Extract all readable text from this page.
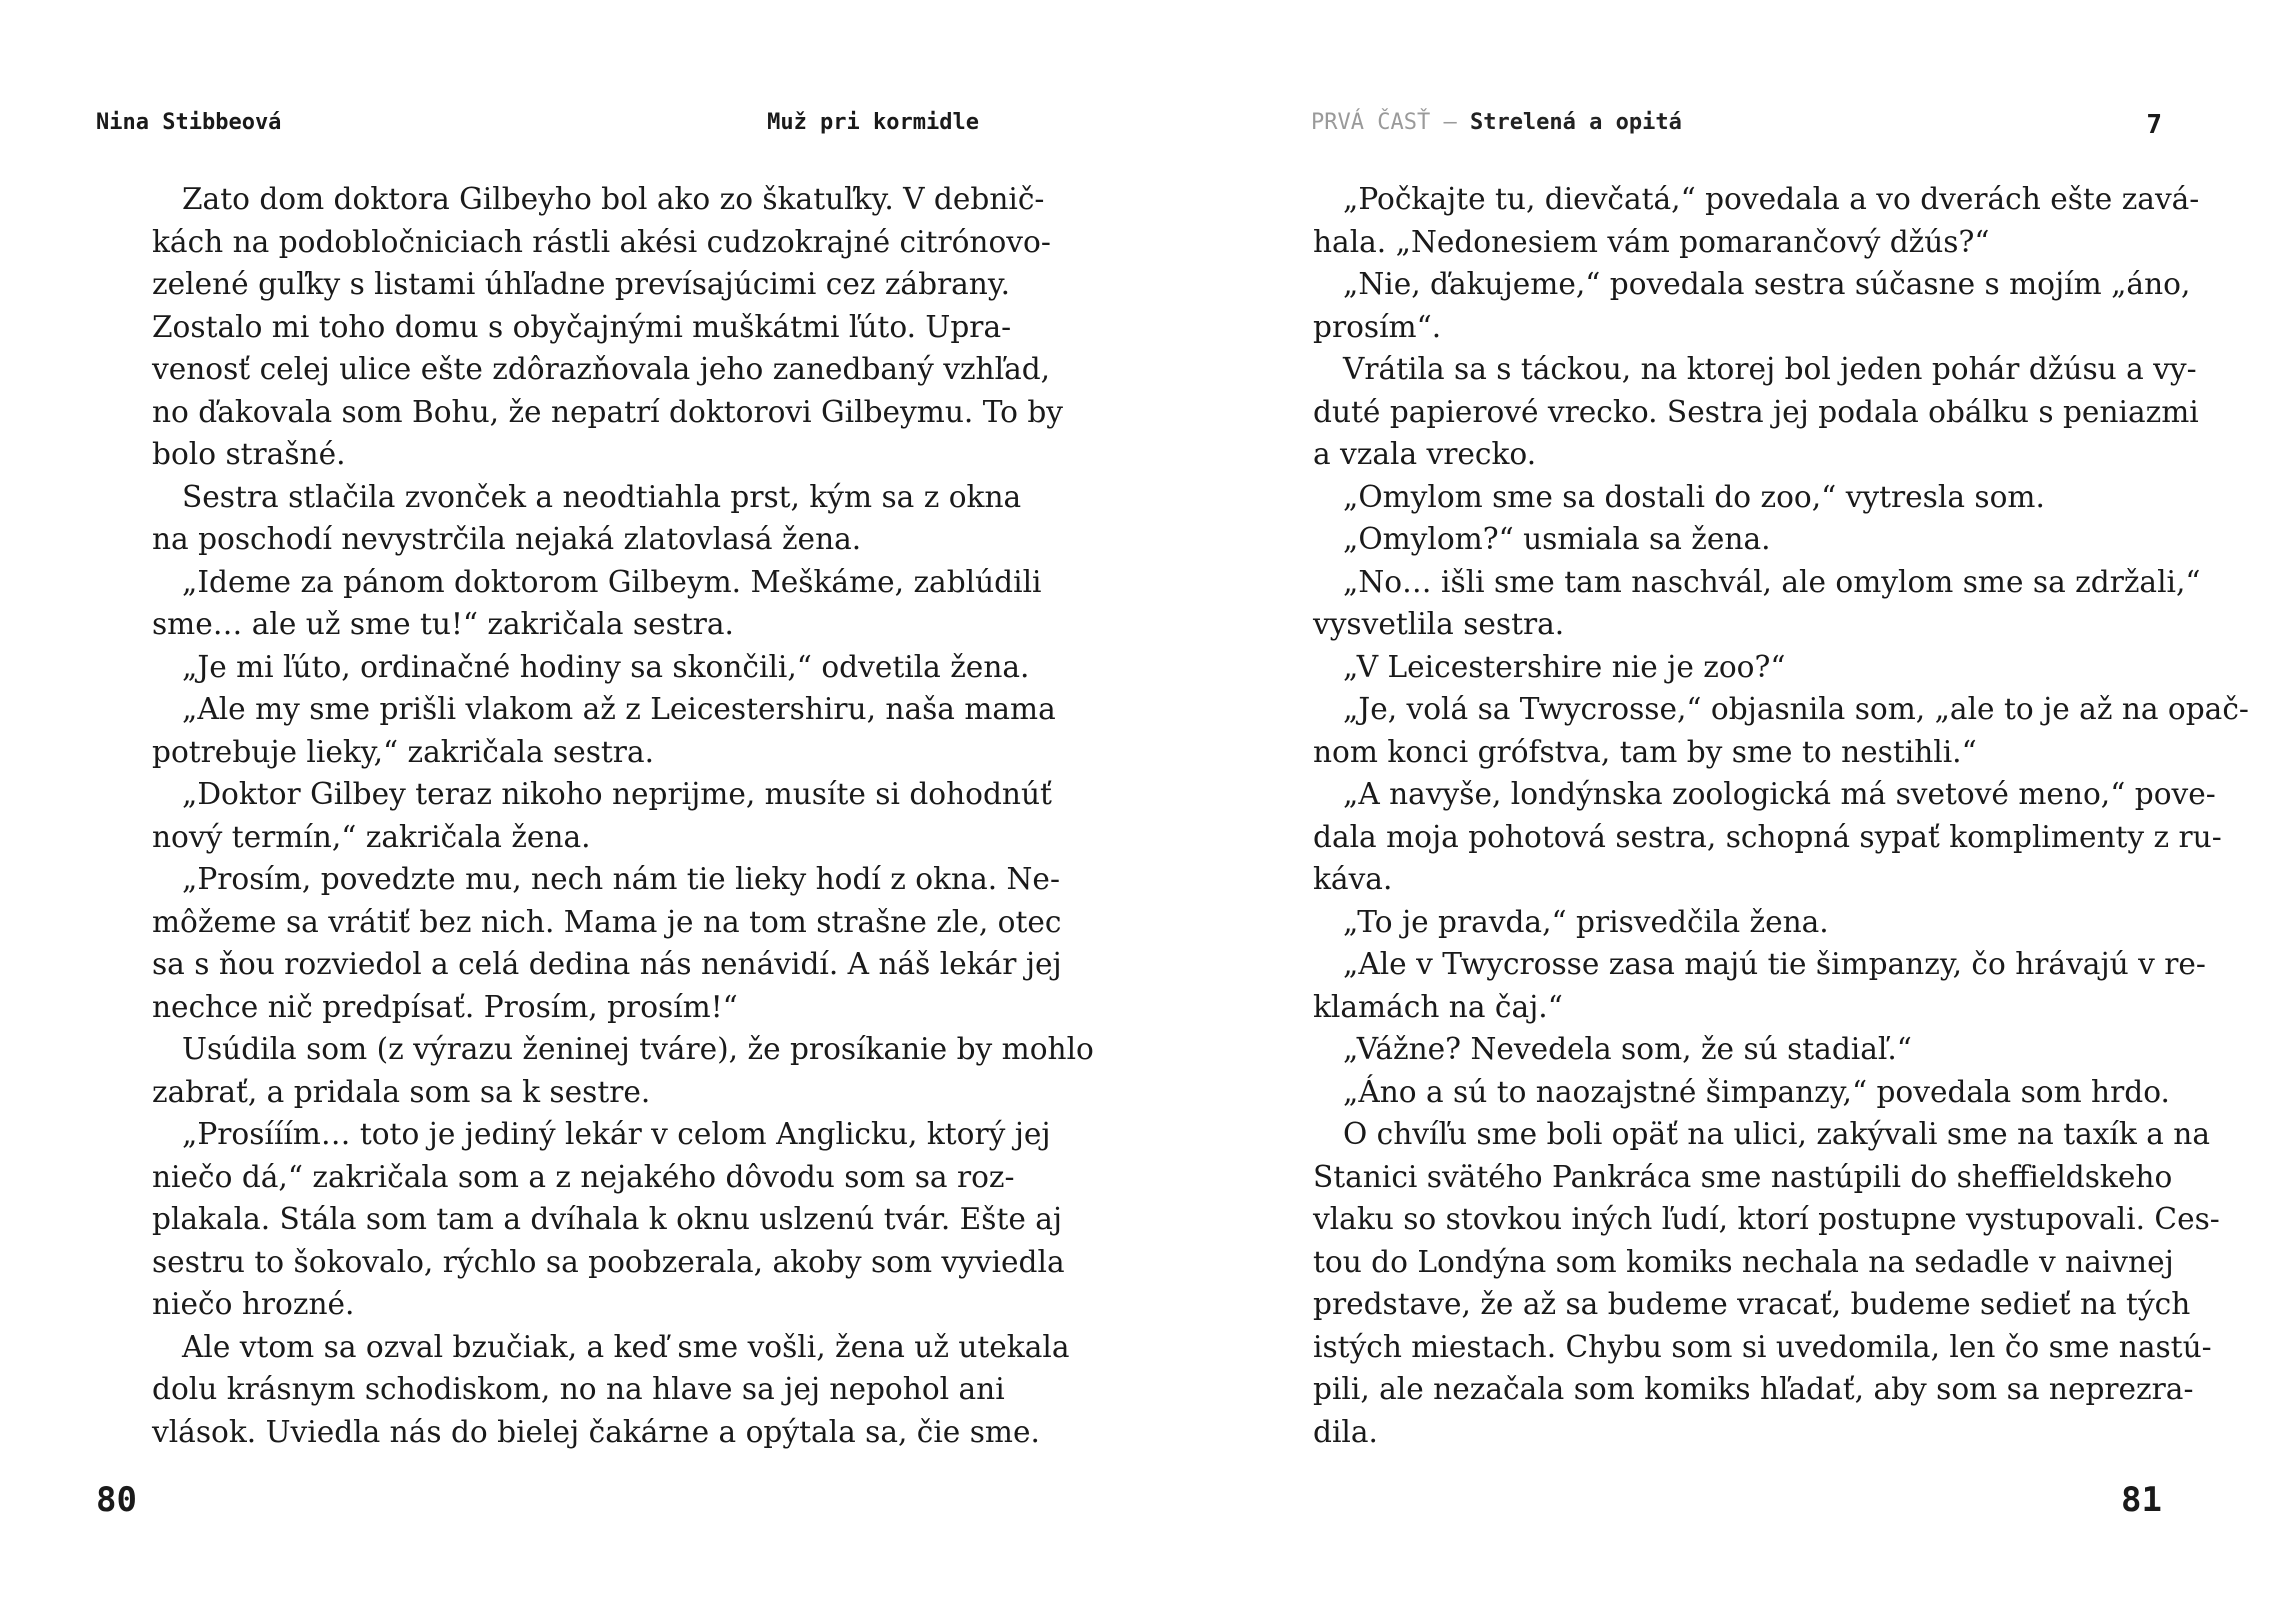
Nina Stibbeová	Muž pri kormidle
Zato dom doktora Gilbeyho bol ako zo škatuľky. V debnič-
kách na podobločniciach rástli akési cudzokrajné citrónovo-
zelené guľky s listami úhľadne prevísajúcimi cez zábrany.
Zostalo mi toho domu s obyčajnými muškátmi ľúto. Upra-
venosť celej ulice ešte zdôrazňovala jeho zanedbaný vzhľad,
no ďakovala som Bohu, že nepatrí doktorovi Gilbeymu. To by
bolo strašné.
Sestra stlačila zvonček a neodtiahla prst, kým sa z okna
na poschodí nevystrčila nejaká zlatovlasá žena.
„Ideme za pánom doktorom Gilbeym. Meškáme, zablúdili
sme… ale už sme tu!“ zakričala sestra.
„Je mi ľúto, ordinačné hodiny sa skončili,“ odvetila žena.
„Ale my sme prišli vlakom až z Leicestershiru, naša mama
potrebuje lieky,“ zakričala sestra.
„Doktor Gilbey teraz nikoho neprijme, musíte si dohodnúť
nový termín,“ zakričala žena.
„Prosím, povedzte mu, nech nám tie lieky hodí z okna. Ne-
môžeme sa vrátiť bez nich. Mama je na tom strašne zle, otec
sa s ňou rozviedol a celá dedina nás nenávidí. A náš lekár jej
nechce nič predpísať. Prosím, prosím!“
Usúdila som (z výrazu ženinej tváre), že prosíkanie by mohlo
zabrať, a pridala som sa k sestre.
„Prosííím… toto je jediný lekár v celom Anglicku, ktorý jej
niečo dá,“ zakričala som a z nejakého dôvodu som sa roz-
plakala. Stála som tam a dvíhala k oknu uslzenú tvár. Ešte aj
sestru to šokovalo, rýchlo sa poobzerala, akoby som vyviedla
niečo hrozné.
Ale vtom sa ozval bzučiak, a keď sme vošli, žena už utekala
dolu krásnym schodiskom, no na hlave sa jej nepohol ani
vlások. Uviedla nás do bielej čakárne a opýtala sa, čie sme.
80
PRVÁ ČASŤ – Strelená a opitá	7
„Počkajte tu, dievčatá,“ povedala a vo dverách ešte zavá-
hala. „Nedonesiem vám pomarančový džús?“
„Nie, ďakujeme,“ povedala sestra súčasne s mojím „áno,
prosím“.
Vrátila sa s táckou, na ktorej bol jeden pohár džúsu a vy-
duté papierové vrecko. Sestra jej podala obálku s peniazmi
a vzala vrecko.
„Omylom sme sa dostali do zoo,“ vytresla som.
„Omylom?“ usmiala sa žena.
„No… išli sme tam naschvál, ale omylom sme sa zdržali,“
vysvetlila sestra.
„V Leicestershire nie je zoo?“
„Je, volá sa Twycrosse,“ objasnila som, „ale to je až na opač-
nom konci grófstva, tam by sme to nestihli.“
„A navyše, londýnska zoologická má svetové meno,“ pove-
dala moja pohotová sestra, schopná sypať komplimenty z ru-
káva.
„To je pravda,“ prisvedčila žena.
„Ale v Twycrosse zasa majú tie šimpanzy, čo hrávajú v re-
klamách na čaj.“
„Vážne? Nevedela som, že sú stadiaľ.“
„Áno a sú to naozajstné šimpanzy,“ povedala som hrdo.
O chvíľu sme boli opäť na ulici, zakývali sme na taxík a na
Stanici svätého Pankráca sme nastúpili do sheffieldskeho
vlaku so stovkou iných ľudí, ktorí postupne vystupovali. Ces-
tou do Londýna som komiks nechala na sedadle v naivnej
predstave, že až sa budeme vracať, budeme sedieť na tých
istých miestach. Chybu som si uvedomila, len čo sme nastú-
pili, ale nezačala som komiks hľadať, aby som sa neprezra-
dila.
81
